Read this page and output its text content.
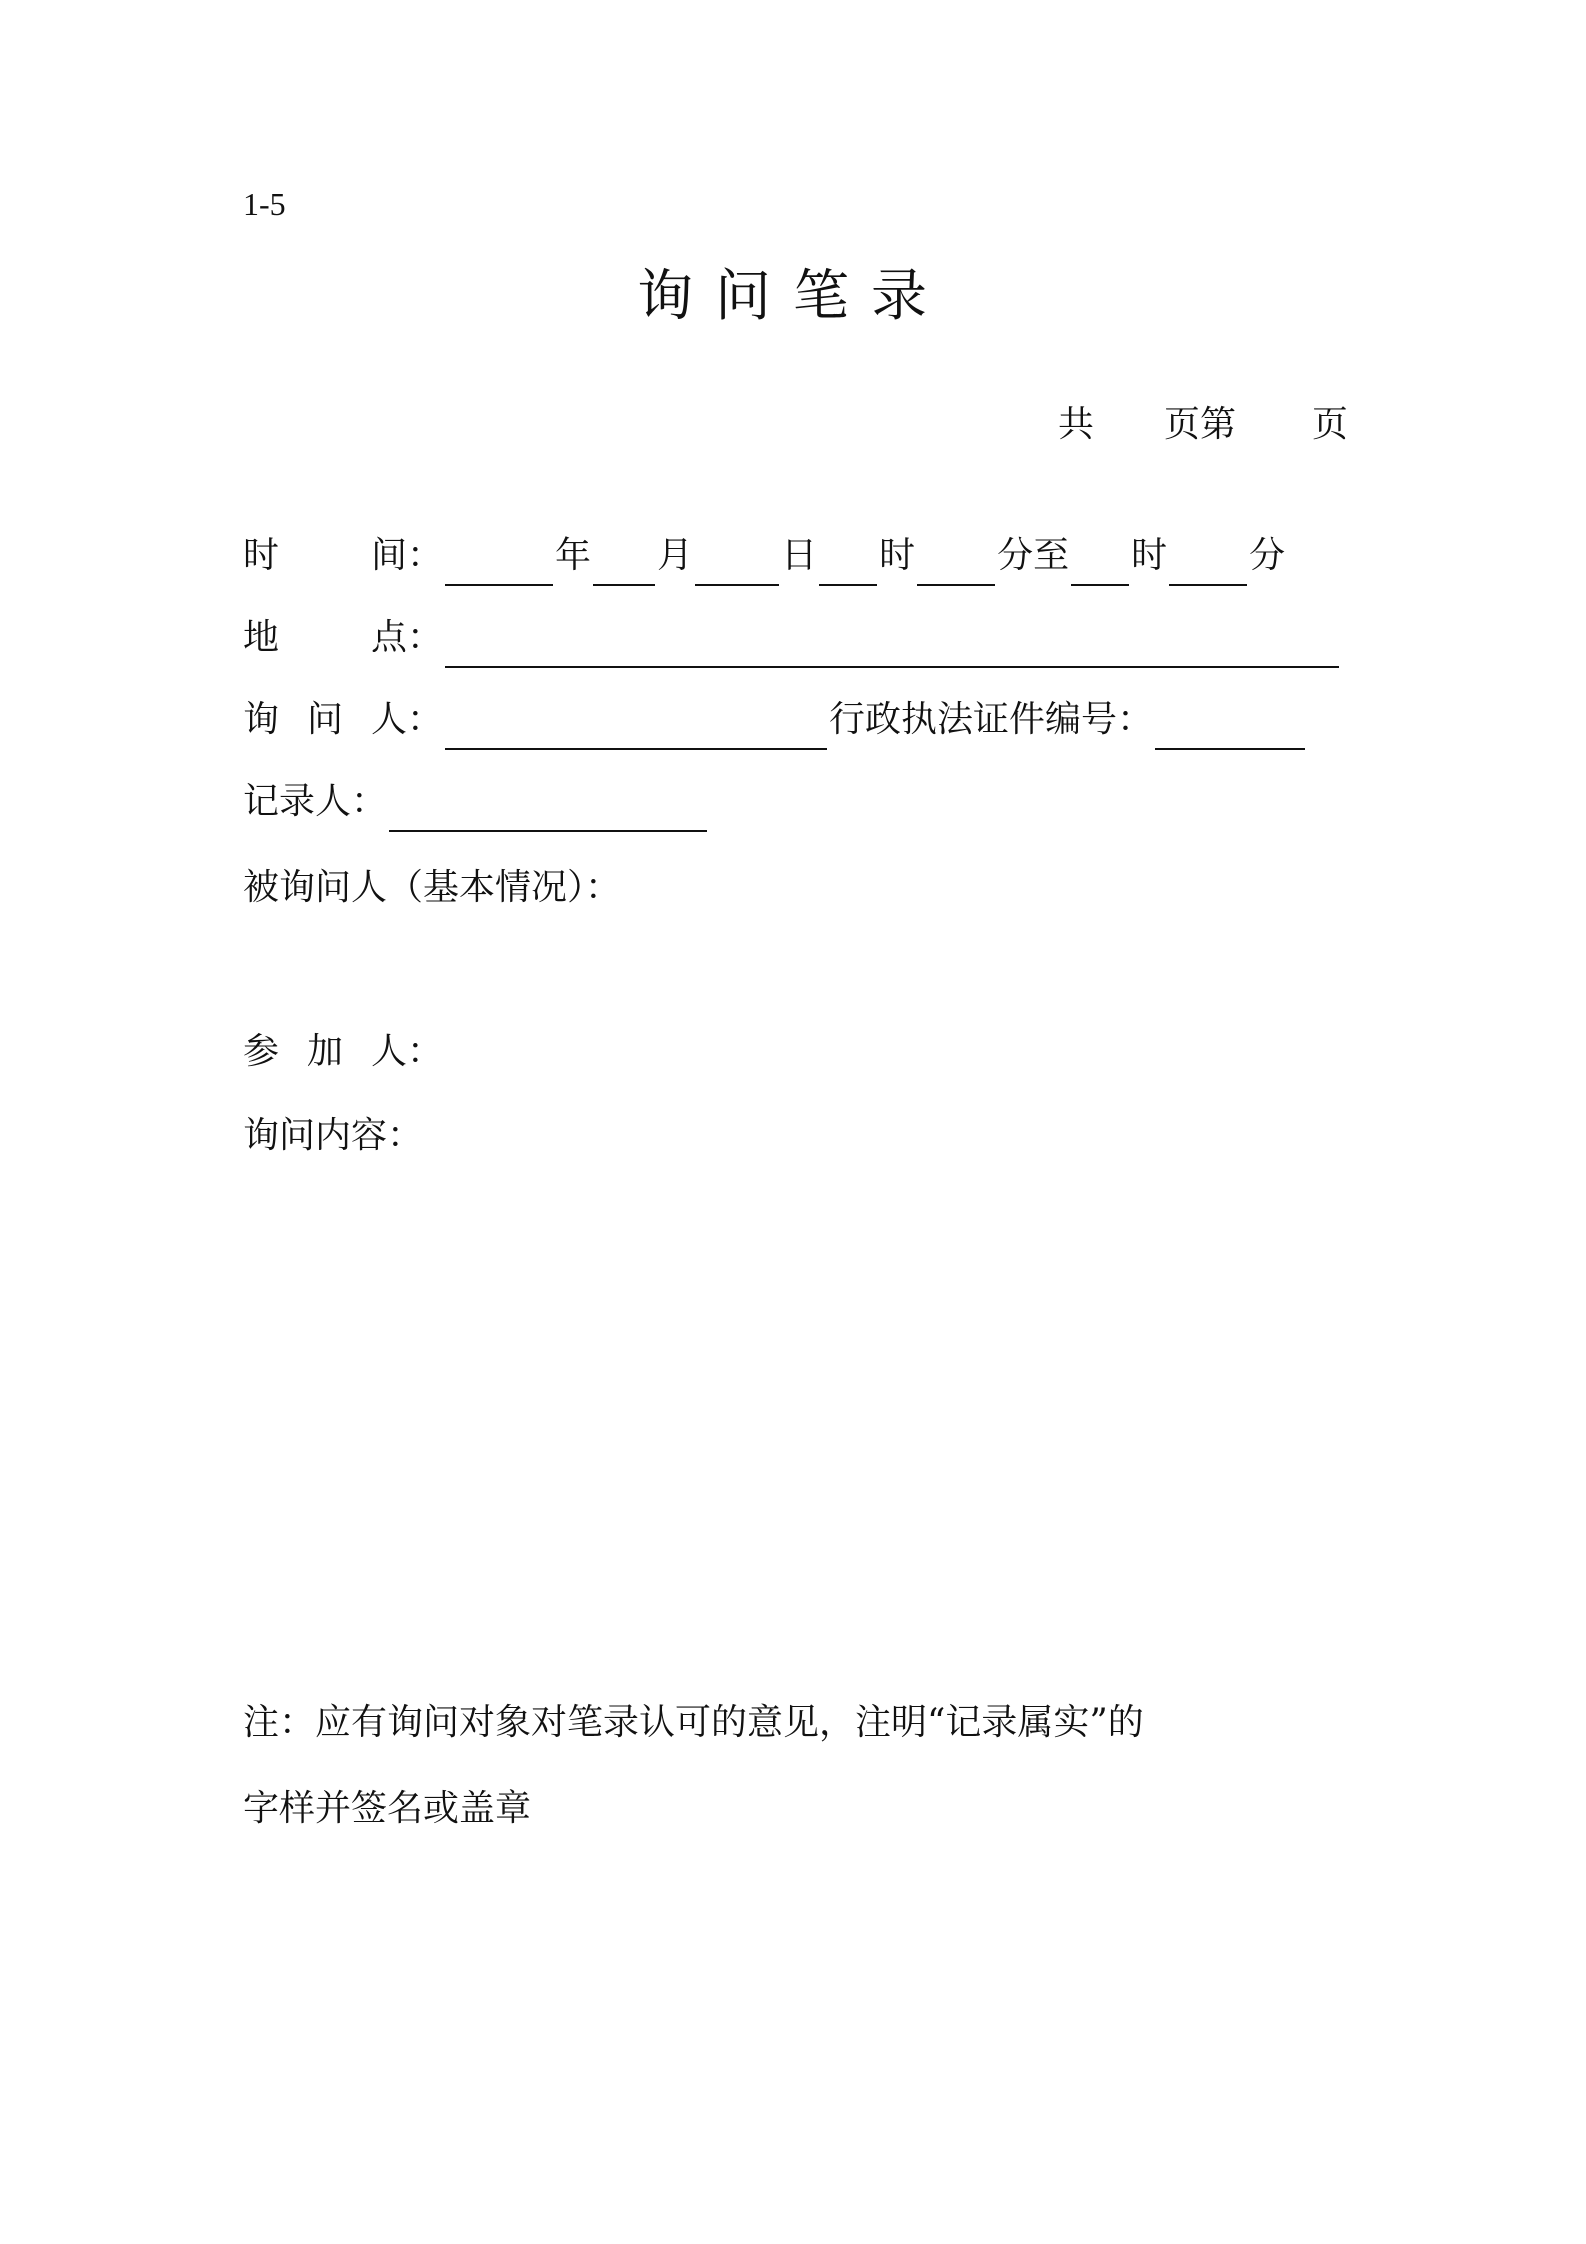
1-5
询问笔录
共 页第 页
时	间：	年 月 日 时 分至 时 分
地	点：
询 问 人：	行政执法证件编号：
记录人：
被询问人（基本情况）：
参 加 人：
询问内容：
注：应有询问对象对笔录认可的意见，注明“记录属实”的
字样并签名或盖章
